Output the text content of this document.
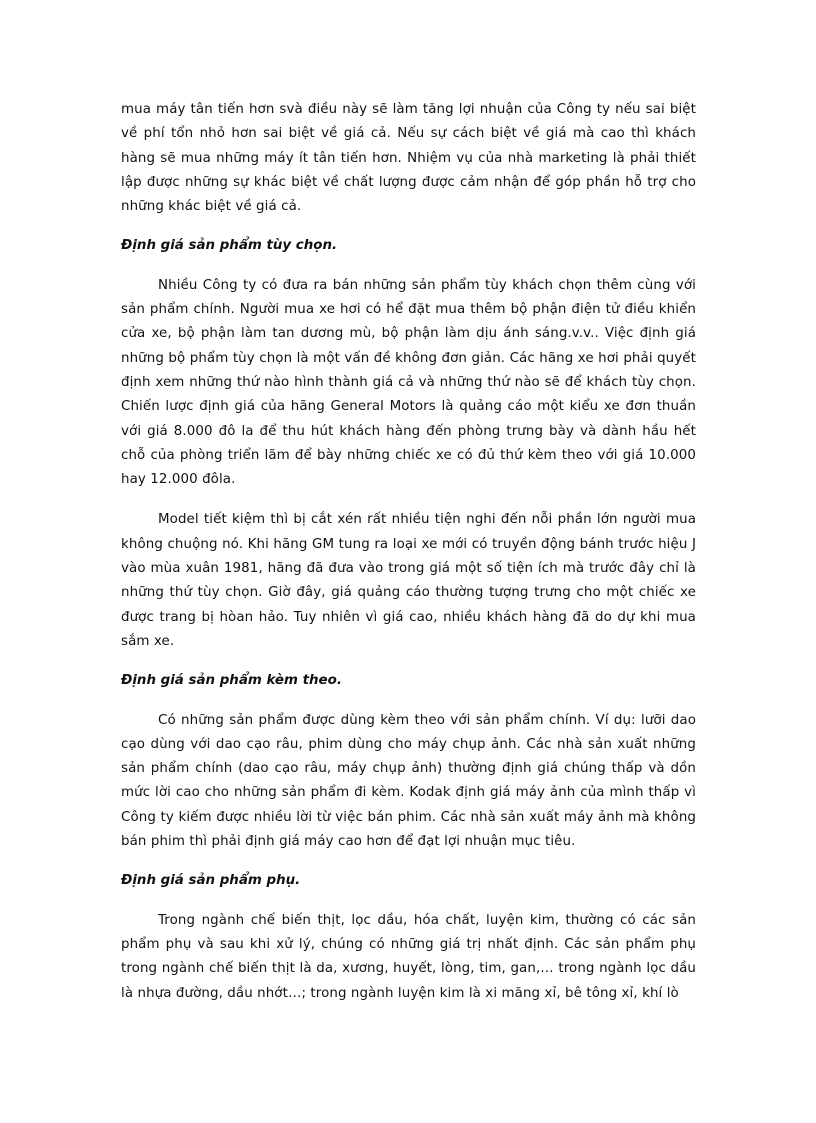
mua máy tân tiến hơn svà điều này sẽ làm tăng lợi nhuận của Công ty nếu sai biệt về phí tổn nhỏ hơn sai biệt về giá cả. Nếu sự cách biệt về giá mà cao thì khách hàng sẽ mua những máy ít tân tiến hơn. Nhiệm vụ của nhà marketing là phải thiết lập được những sự khác biệt về chất lượng được cảm nhận để góp phần hỗ trợ cho những khác biệt về giá cả.

Định giá sản phẩm tùy chọn.

Nhiều Công ty có đưa ra bán những sản phẩm tùy khách chọn thêm cùng với sản phẩm chính. Người mua xe hơi có hể đặt mua thêm bộ phận điện tử điều khiển cửa xe, bộ phận làm tan dương mù, bộ phận làm dịu ánh sáng.v.v.. Việc định giá những bộ phẩm tùy chọn là một vấn đề không đơn giản. Các hãng xe hơi phải quyết định xem những thứ nào hình thành giá cả và những thứ nào sẽ để khách tùy chọn. Chiến lược định giá của hãng General Motors là quảng cáo một kiểu xe đơn thuần với giá 8.000 đô la để thu hút khách hàng đến phòng trưng bày và dành hầu hết chỗ của phòng triển lãm để bày những chiếc xe có đủ thứ kèm theo với giá 10.000 hay 12.000 đôla.

Model tiết kiệm thì bị cắt xén rất nhiều tiện nghi đến nỗi phần lớn người mua không chuộng nó. Khi hãng GM tung ra loại xe mới có truyền động bánh trước hiệu J vào mùa xuân 1981, hãng đã đưa vào trong giá một số tiện ích mà trước đây chỉ là những thứ tùy chọn. Giờ đây, giá quảng cáo thường tượng trưng cho một chiếc xe được trang bị hòan hảo. Tuy nhiên vì giá cao, nhiều khách hàng đã do dự khi mua sắm xe.

Định giá sản phẩm kèm theo.

Có những sản phẩm được dùng kèm theo với sản phẩm chính. Ví dụ: lưỡi dao cạo dùng với dao cạo râu, phim dùng cho máy chụp ảnh. Các nhà sản xuất những sản phẩm chính (dao cạo râu, máy chụp ảnh) thường định giá chúng thấp và dồn mức lời cao cho những sản phẩm đi kèm. Kodak định giá máy ảnh của mình thấp vì Công ty kiếm được nhiều lời từ việc bán phim. Các nhà sản xuất máy ảnh mà không bán phim thì phải định giá máy cao hơn để đạt lợi nhuận mục tiêu.

Định giá sản phẩm phụ.

Trong ngành chế biến thịt, lọc dầu, hóa chất, luyện kim, thường có các sản phẩm phụ và sau khi xử lý, chúng có những giá trị nhất định. Các sản phẩm phụ trong ngành chế biến thịt là da, xương, huyết, lòng, tim, gan,… trong ngành lọc dầu là nhựa đường, dầu nhớt…; trong ngành luyện kim là xi măng xỉ, bê tông xỉ, khí lò
